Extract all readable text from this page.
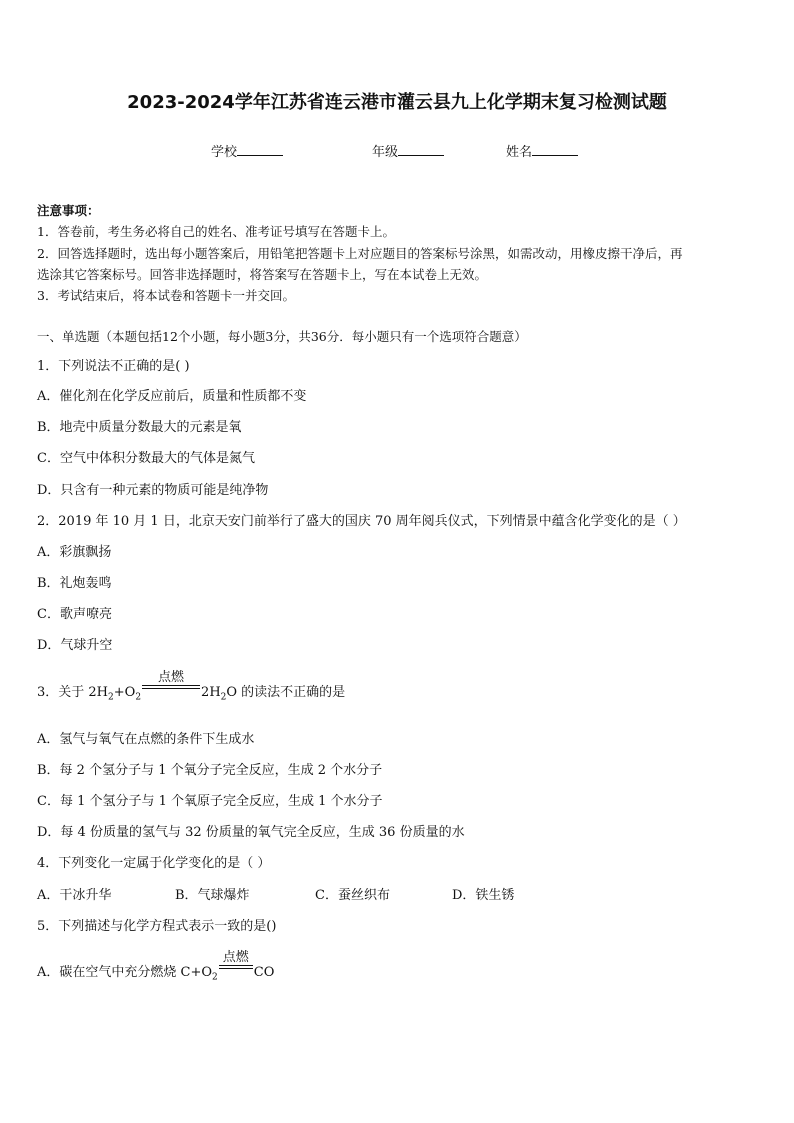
2023-2024学年江苏省连云港市灌云县九上化学期末复习检测试题
学校	年级	姓名
注意事项：
1．答卷前，考生务必将自己的姓名、准考证号填写在答题卡上。
2．回答选择题时，选出每小题答案后，用铅笔把答题卡上对应题目的答案标号涂黑，如需改动，用橡皮擦干净后，再
选涂其它答案标号。回答非选择题时，将答案写在答题卡上，写在本试卷上无效。
3．考试结束后，将本试卷和答题卡一并交回。
一、单选题（本题包括12个小题，每小题3分，共36分．每小题只有一个选项符合题意）
1．下列说法不正确的是( )
A．催化剂在化学反应前后，质量和性质都不变
B．地壳中质量分数最大的元素是氧
C．空气中体积分数最大的气体是氮气
D．只含有一种元素的物质可能是纯净物
2．2019 年 10 月 1 日，北京天安门前举行了盛大的国庆 70 周年阅兵仪式，下列情景中蕴含化学变化的是（ ）
A．彩旗飘扬
B．礼炮轰鸣
C．歌声嘹亮
D．气球升空
3．关于 $2H_2+O_2$
点燃
$2H_2O$ 的读法不正确的是
A．氢气与氧气在点燃的条件下生成水
B．每 2 个氢分子与 1 个氧分子完全反应，生成 2 个水分子
C．每 1 个氢分子与 1 个氧原子完全反应，生成 1 个水分子
D．每 4 份质量的氢气与 32 份质量的氧气完全反应，生成 36 份质量的水
4．下列变化一定属于化学变化的是（ ）
A．干冰升华	B．气球爆炸	C．蚕丝织布	D．铁生锈
5．下列描述与化学方程式表示一致的是()
A．碳在空气中充分燃烧 $C+O_2$
点燃
CO
